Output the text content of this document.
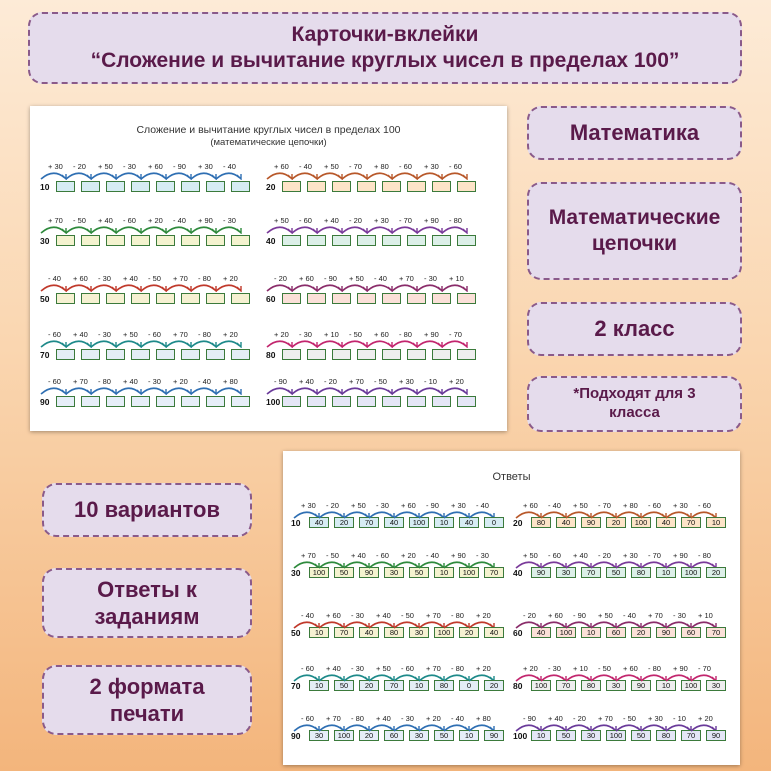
Карточки-вклейки
“Сложение и вычитание круглых чисел в пределах 100”
Сложение и вычитание круглых чисел в пределах 100
(математические цепочки)
10
+ 30 - 20 + 50 - 30 + 60 - 90 + 30 - 40
20
+ 60 - 40 + 50 - 70 + 80 - 60 + 30 - 60
30
+ 70 - 50 + 40 - 60 + 20 - 40 + 90 - 30
40
+ 50 - 60 + 40 - 20 + 30 - 70 + 90 - 80
50
- 40 + 60 - 30 + 40 - 50 + 70 - 80 + 20
60
- 20 + 60 - 90 + 50 - 40 + 70 - 30 + 10
70
- 60 + 40 - 30 + 50 - 60 + 70 - 80 + 20
80
+ 20 - 30 + 10 - 50 + 60 - 80 + 90 - 70
90
- 60 + 70 - 80 + 40 - 30 + 20 - 40 + 80
100
- 90 + 40 - 20 + 70 - 50 + 30 - 10 + 20
Ответы
10
+ 30
40
- 20
20
+ 50
70
- 30
40
+ 60
100
- 90
10
+ 30
40
- 40
0	20
+ 60
80
- 40
40
+ 50
90
- 70
20
+ 80
100
- 60
40
+ 30
70
- 60
10
30
+ 70
100
- 50
50
+ 40
90
- 60
30
+ 20
50
- 40
10
+ 90
100
- 30
70	40
+ 50
90
- 60
30
+ 40
70
- 20
50
+ 30
80
- 70
10
+ 90
100
- 80
20
50
- 40
10
+ 60
70
- 30
40
+ 40
80
- 50
30
+ 70
100
- 80
20
+ 20
40	60
- 20
40
+ 60
100
- 90
10
+ 50
60
- 40
20
+ 70
90
- 30
60
+ 10
70
70
- 60
10
+ 40
50
- 30
20
+ 50
70
- 60
10
+ 70
80
- 80
0
+ 20
20	80
+ 20
100
- 30
70
+ 10
80
- 50
30
+ 60
90
- 80
10
+ 90
100
- 70
30
90
- 60
30
+ 70
100
- 80
20
+ 40
60
- 30
30
+ 20
50
- 40
10
+ 80
90	100
- 90
10
+ 40
50
- 20
30
+ 70
100
- 50
50
+ 30
80
- 10
70
+ 20
90
Математика
Математические цепочки
2 класс
*Подходят для 3 класса
10 вариантов
Ответы к заданиям
2 формата печати
